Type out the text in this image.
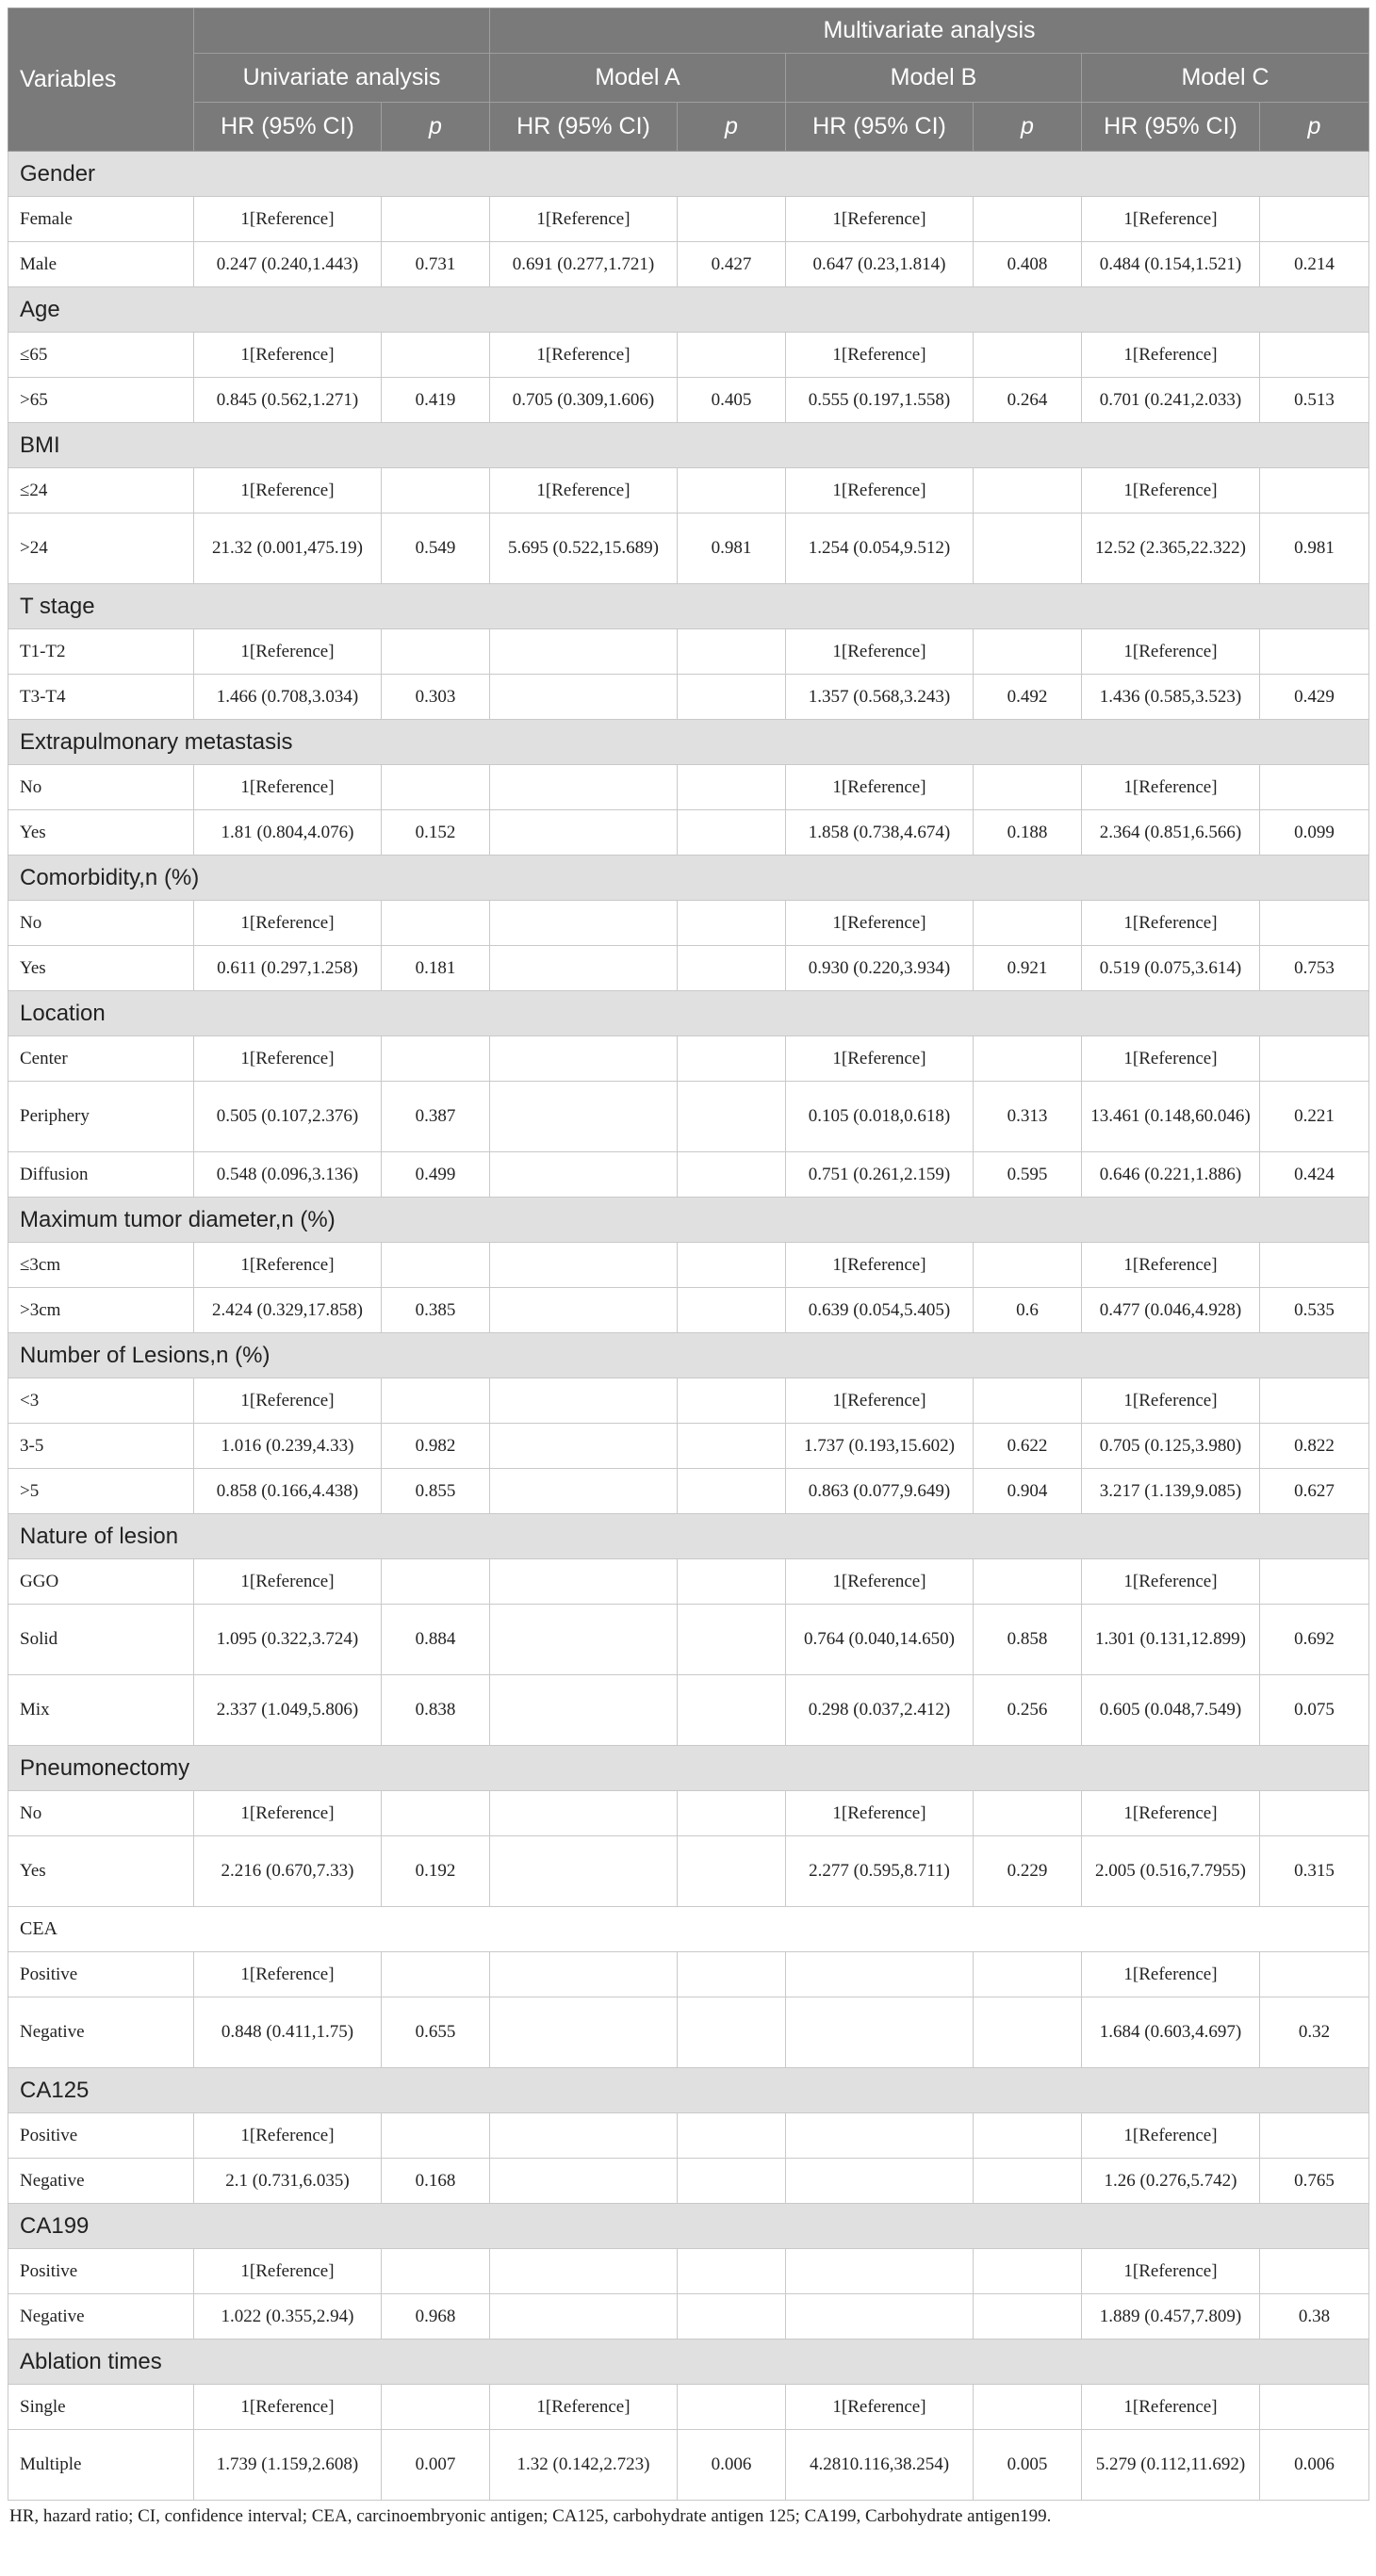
Variables			Multivariate analysis					
	Univariate analysis		Model A		Model B		Model C	
	HR (95% CI)	p	HR (95% CI)	p	HR (95% CI)	p	HR (95% CI)	p
Gender								
Female	1[Reference]		1[Reference]		1[Reference]		1[Reference]	
Male	0.247 (0.240,1.443)	0.731	0.691 (0.277,1.721)	0.427	0.647 (0.23,1.814)	0.408	0.484 (0.154,1.521)	0.214
Age								
≤65	1[Reference]		1[Reference]		1[Reference]		1[Reference]	
>65	0.845 (0.562,1.271)	0.419	0.705 (0.309,1.606)	0.405	0.555 (0.197,1.558)	0.264	0.701 (0.241,2.033)	0.513
BMI								
≤24	1[Reference]		1[Reference]		1[Reference]		1[Reference]	
>24	21.32 (0.001,475.19)	0.549	5.695 (0.522,15.689)	0.981	1.254 (0.054,9.512)		12.52 (2.365,22.322)	0.981
T stage								
T1-T2	1[Reference]				1[Reference]		1[Reference]	
T3-T4	1.466 (0.708,3.034)	0.303			1.357 (0.568,3.243)	0.492	1.436 (0.585,3.523)	0.429
Extrapulmonary metastasis								
No	1[Reference]				1[Reference]		1[Reference]	
Yes	1.81 (0.804,4.076)	0.152			1.858 (0.738,4.674)	0.188	2.364 (0.851,6.566)	0.099
Comorbidity,n (%)								
No	1[Reference]				1[Reference]		1[Reference]	
Yes	0.611 (0.297,1.258)	0.181			0.930 (0.220,3.934)	0.921	0.519 (0.075,3.614)	0.753
Location								
Center	1[Reference]				1[Reference]		1[Reference]	
Periphery	0.505 (0.107,2.376)	0.387			0.105 (0.018,0.618)	0.313	13.461 (0.148,60.046)	0.221
Diffusion	0.548 (0.096,3.136)	0.499			0.751 (0.261,2.159)	0.595	0.646 (0.221,1.886)	0.424
Maximum tumor diameter,n (%)								
≤3cm	1[Reference]				1[Reference]		1[Reference]	
>3cm	2.424 (0.329,17.858)	0.385			0.639 (0.054,5.405)	0.6	0.477 (0.046,4.928)	0.535
Number of Lesions,n (%)								
<3	1[Reference]				1[Reference]		1[Reference]	
3-5	1.016 (0.239,4.33)	0.982			1.737 (0.193,15.602)	0.622	0.705 (0.125,3.980)	0.822
>5	0.858 (0.166,4.438)	0.855			0.863 (0.077,9.649)	0.904	3.217 (1.139,9.085)	0.627
Nature of lesion								
GGO	1[Reference]				1[Reference]		1[Reference]	
Solid	1.095 (0.322,3.724)	0.884			0.764 (0.040,14.650)	0.858	1.301 (0.131,12.899)	0.692
Mix	2.337 (1.049,5.806)	0.838			0.298 (0.037,2.412)	0.256	0.605 (0.048,7.549)	0.075
Pneumonectomy								
No	1[Reference]				1[Reference]		1[Reference]	
Yes	2.216 (0.670,7.33)	0.192			2.277 (0.595,8.711)	0.229	2.005 (0.516,7.7955)	0.315
CEA								
Positive	1[Reference]						1[Reference]	
Negative	0.848 (0.411,1.75)	0.655					1.684 (0.603,4.697)	0.32
CA125								
Positive	1[Reference]						1[Reference]	
Negative	2.1 (0.731,6.035)	0.168					1.26 (0.276,5.742)	0.765
CA199								
Positive	1[Reference]						1[Reference]	
Negative	1.022 (0.355,2.94)	0.968					1.889 (0.457,7.809)	0.38
Ablation times								
Single	1[Reference]		1[Reference]		1[Reference]		1[Reference]	
Multiple	1.739 (1.159,2.608)	0.007	1.32 (0.142,2.723)	0.006	4.2810.116,38.254)	0.005	5.279 (0.112,11.692)	0.006
HR, hazard ratio; CI, confidence interval; CEA, carcinoembryonic antigen; CA125, carbohydrate antigen 125; CA199, Carbohydrate antigen199.
